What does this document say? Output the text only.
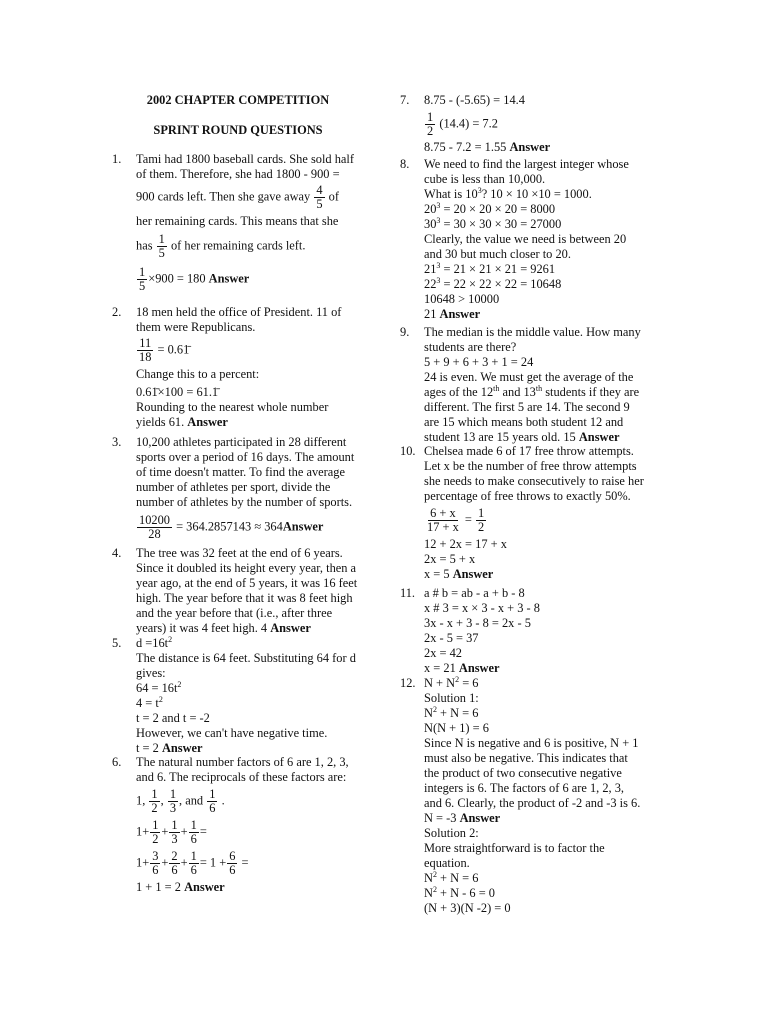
2002 CHAPTER COMPETITION
SPRINT ROUND QUESTIONS
1. Tami had 1800 baseball cards. She sold half
of them. Therefore, she had 1800 - 900 =
900 cards left. Then she gave away $\frac{4}{5}$ of
her remaining cards. This means that she
has $\frac{1}{5}$ of her remaining cards left.
$\frac{1}{5} \times 900 = 180$ Answer
2. 18 men held the office of President. 11 of
them were Republicans.
$\frac{11}{18}$ = 0.61̄
Change this to a percent:
0.61̄×100 = 61.1̄
Rounding to the nearest whole number
yields 61. Answer
3. 10,200 athletes participated in 28 different
sports over a period of 16 days. The amount
of time doesn't matter. To find the average
number of athletes per sport, divide the
number of athletes by the number of sports.
$\frac{10200}{28} = 364.2857143$ ≈ 364Answer
4. The tree was 32 feet at the end of 6 years.
Since it doubled its height every year, then a
year ago, at the end of 5 years, it was 16 feet
high. The year before that it was 8 feet high
and the year before that (i.e., after three
years) it was 4 feet high. 4 Answer
5. $d =16t^2$
The distance is 64 feet. Substituting 64 for d
gives:
$64 = 16t^2$
$4 = t^2$
t = 2 and t = -2
However, we can't have negative time.
t = 2 Answer
6. The natural number factors of 6 are 1, 2, 3,
and 6. The reciprocals of these factors are:
1, $\frac{1}{2}$ , $\frac{1}{3}$ , and $\frac{1}{6}$ .
$1+ \frac{1}{2} + \frac{1}{3} + \frac{1}{6}$ =
$1+ \frac{3}{6} + \frac{2}{6} + \frac{1}{6} = 1 + \frac{6}{6}$ =
1 + 1 = 2 Answer
7. 8.75 - (-5.65) = 14.4
$\frac{1}{2} (14.4) = 7.2$
8.75 - 7.2 = 1.55 Answer
8. We need to find the largest integer whose
cube is less than 10,000.
What is $10^3$? 10 × 10 ×10 = 1000.
$20^3 = 20 \times 20 \times 20 = 8000$
$30^3 = 30 \times 30 \times 30 = 27000$
Clearly, the value we need is between 20
and 30 but much closer to 20.
$21^3 = 21 \times 21 \times 21 = 9261$
$22^3 = 22 \times 22 \times 22 = 10648$
10648 > 10000
21 Answer
9. The median is the middle value. How many
students are there?
5 + 9 + 6 + 3 + 1 = 24
24 is even. We must get the average of the
ages of the 12th and 13th students if they are
different. The first 5 are 14. The second 9
are 15 which means both student 12 and
student 13 are 15 years old. 15 Answer
10. Chelsea made 6 of 17 free throw attempts.
Let x be the number of free throw attempts
she needs to make consecutively to raise her
percentage of free throws to exactly 50%.
$\frac{6 + x}{17 + x} = \frac{1}{2}$
12 + 2x = 17 + x
2x = 5 + x
x = 5 Answer
11. a # b = ab - a + b - 8
x # 3 = x × 3 - x + 3 - 8
3x - x + 3 - 8 = 2x - 5
2x - 5 = 37
2x = 42
x = 21 Answer
12. $N + N^2 = 6$
Solution 1:
$N^2 + N = 6$
N(N + 1) = 6
Since N is negative and 6 is positive, N + 1
must also be negative. This indicates that
the product of two consecutive negative
integers is 6. The factors of 6 are 1, 2, 3,
and 6. Clearly, the product of -2 and -3 is 6.
N = -3 Answer
Solution 2:
More straightforward is to factor the
equation.
$N^2 + N = 6$
$N^2 + N - 6 = 0$
(N + 3)(N -2) = 0
